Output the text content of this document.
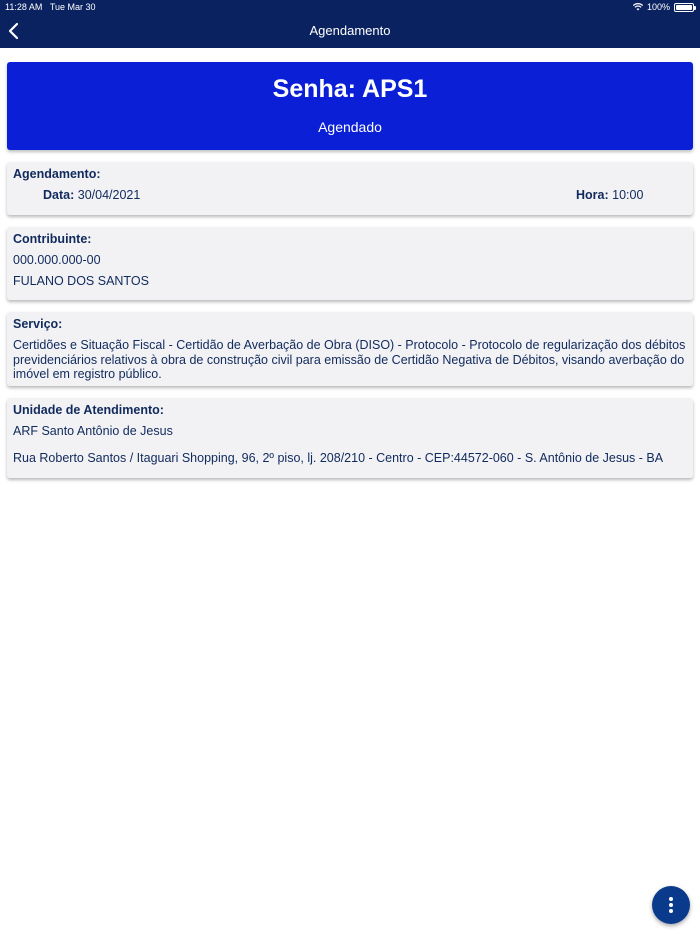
11:28 AM Tue Mar 30	100%
Agendamento
Senha: APS1
Agendado
Agendamento:
Data: 30/04/2021	Hora: 10:00
Contribuinte:
000.000.000-00
FULANO DOS SANTOS
Serviço:
Certidões e Situação Fiscal - Certidão de Averbação de Obra (DISO) - Protocolo - Protocolo de regularização dos débitos previdenciários relativos à obra de construção civil para emissão de Certidão Negativa de Débitos, visando averbação do imóvel em registro público.
Unidade de Atendimento:
ARF Santo Antônio de Jesus
Rua Roberto Santos / Itaguari Shopping, 96, 2º piso, lj. 208/210 - Centro - CEP:44572-060 - S. Antônio de Jesus - BA
